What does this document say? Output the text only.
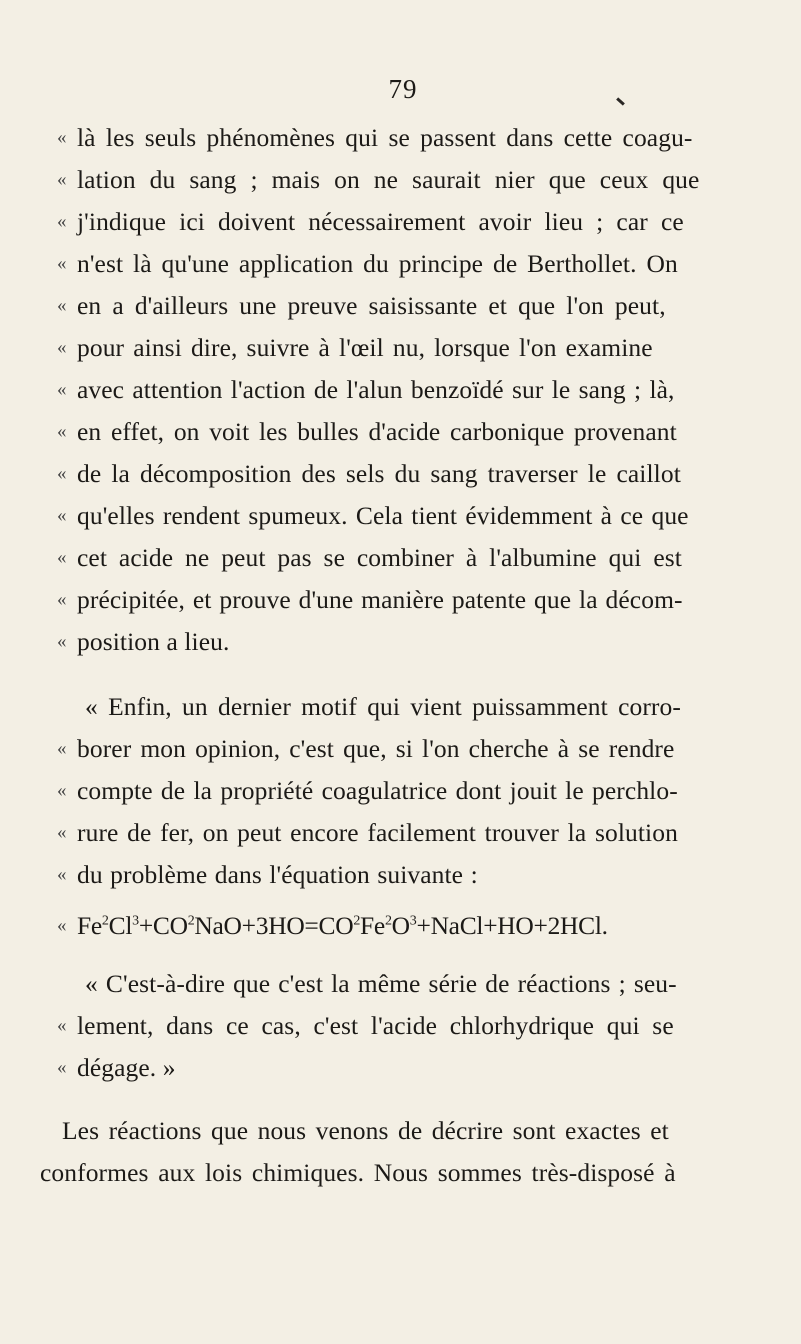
79
« là les seuls phénomènes qui se passent dans cette coagu-
« lation du sang ; mais on ne saurait nier que ceux que
« j'indique ici doivent nécessairement avoir lieu ; car ce
« n'est là qu'une application du principe de Berthollet. On
« en a d'ailleurs une preuve saisissante et que l'on peut,
« pour ainsi dire, suivre à l'œil nu, lorsque l'on examine
« avec attention l'action de l'alun benzoïdé sur le sang ; là,
« en effet, on voit les bulles d'acide carbonique provenant
« de la décomposition des sels du sang traverser le caillot
« qu'elles rendent spumeux. Cela tient évidemment à ce que
« cet acide ne peut pas se combiner à l'albumine qui est
« précipitée, et prouve d'une manière patente que la décom-
« position a lieu.
« Enfin, un dernier motif qui vient puissamment corro-
« borer mon opinion, c'est que, si l'on cherche à se rendre
« compte de la propriété coagulatrice dont jouit le perchlo-
« rure de fer, on peut encore facilement trouver la solution
« du problème dans l'équation suivante :
« $Fe^2Cl^3+CO^2NaO+3HO=CO^2Fe^2O^3+NaCl+HO+2HCl$.
« C'est-à-dire que c'est la même série de réactions ; seu-
« lement, dans ce cas, c'est l'acide chlorhydrique qui se
« dégage. »
Les réactions que nous venons de décrire sont exactes et
conformes aux lois chimiques. Nous sommes très-disposé à
